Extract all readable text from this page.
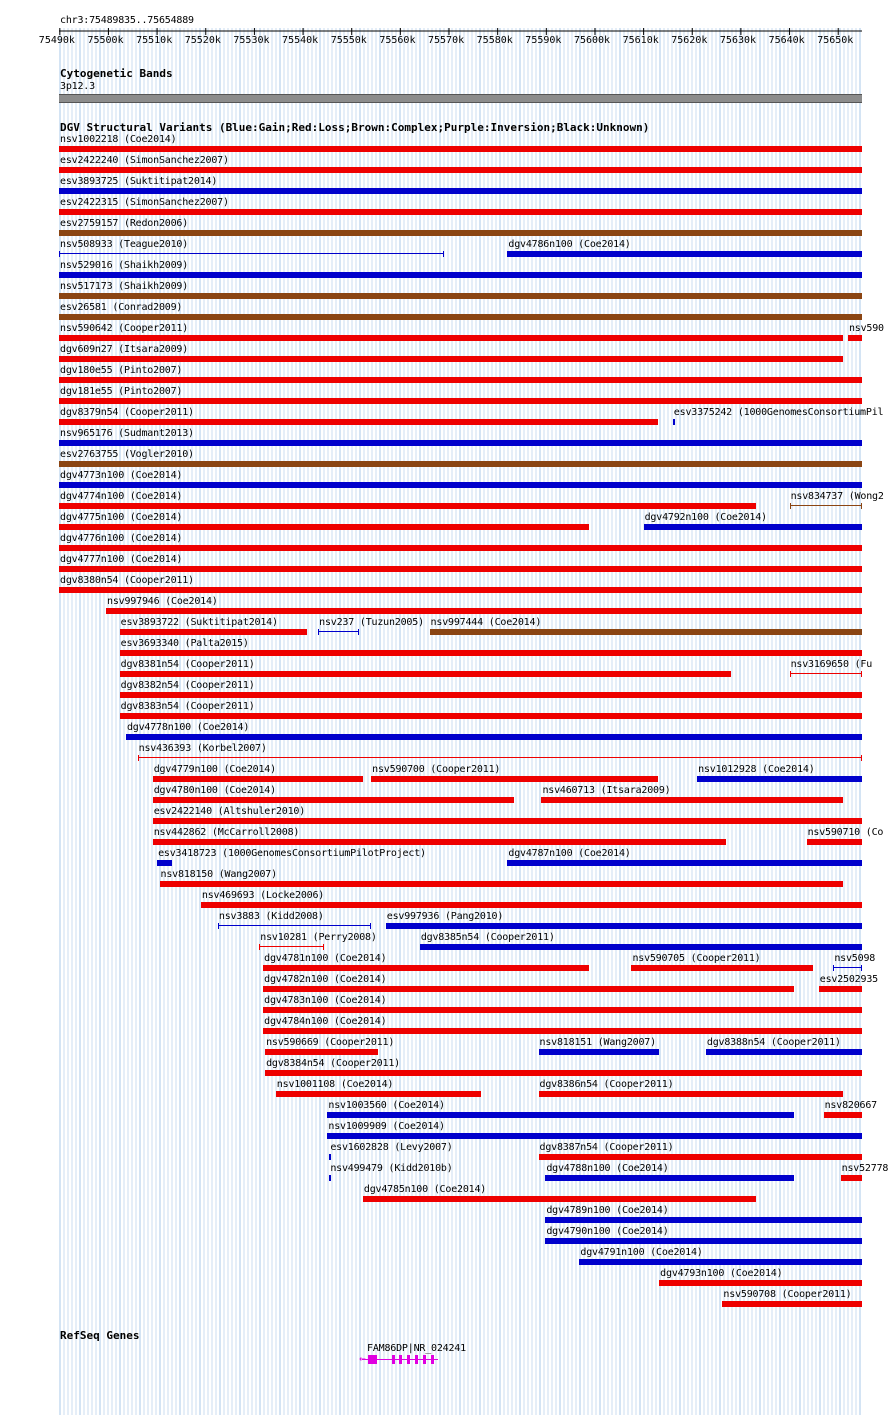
chr3:75489835..75654889
75490k 75500k 75510k 75520k 75530k 75540k 75550k 75560k 75570k 75580k 75590k 75600k 75610k 75620k 75630k 75640k 75650k
Cytogenetic Bands
3p12.3
DGV Structural Variants (Blue:Gain;Red:Loss;Brown:Complex;Purple:Inversion;Black:Unknown)
nsv1002218 (Coe2014)
esv2422240 (SimonSanchez2007)
esv3893725 (Suktitipat2014)
esv2422315 (SimonSanchez2007)
esv2759157 (Redon2006)
nsv508933 (Teague2010)	dgv4786n100 (Coe2014)
nsv529016 (Shaikh2009)
nsv517173 (Shaikh2009)
esv26581 (Conrad2009)
nsv590642 (Cooper2011)	nsv590
dgv609n27 (Itsara2009)
dgv180e55 (Pinto2007)
dgv181e55 (Pinto2007)
dgv8379n54 (Cooper2011)	esv3375242 (1000GenomesConsortiumPil
nsv965176 (Sudmant2013)
esv2763755 (Vogler2010)
dgv4773n100 (Coe2014)
dgv4774n100 (Coe2014)	nsv834737 (Wong2
dgv4775n100 (Coe2014)	dgv4792n100 (Coe2014)
dgv4776n100 (Coe2014)
dgv4777n100 (Coe2014)
dgv8380n54 (Cooper2011)
nsv997946 (Coe2014)
esv3893722 (Suktitipat2014)	nsv237 (Tuzun2005) nsv997444 (Coe2014)
esv3693340 (Palta2015)
dgv8381n54 (Cooper2011)	nsv3169650 (Fu
dgv8382n54 (Cooper2011)
dgv8383n54 (Cooper2011)
dgv4778n100 (Coe2014)
nsv436393 (Korbel2007)
dgv4779n100 (Coe2014)	nsv590700 (Cooper2011)	nsv1012928 (Coe2014)
dgv4780n100 (Coe2014)	nsv460713 (Itsara2009)
esv2422140 (Altshuler2010)
nsv442862 (McCarroll2008)	nsv590710 (Co
esv3418723 (1000GenomesConsortiumPilotProject)	dgv4787n100 (Coe2014)
nsv818150 (Wang2007)
nsv469693 (Locke2006)
nsv3883 (Kidd2008)	esv997936 (Pang2010)
nsv10281 (Perry2008)	dgv8385n54 (Cooper2011)
dgv4781n100 (Coe2014)	nsv590705 (Cooper2011)	nsv5098
dgv4782n100 (Coe2014)	esv2502935
dgv4783n100 (Coe2014)
dgv4784n100 (Coe2014)
nsv590669 (Cooper2011)	nsv818151 (Wang2007)	dgv8388n54 (Cooper2011)
dgv8384n54 (Cooper2011)
nsv1001108 (Coe2014)	dgv8386n54 (Cooper2011)
nsv1003560 (Coe2014)	nsv820667
nsv1009909 (Coe2014)
esv1602828 (Levy2007)	dgv8387n54 (Cooper2011)
nsv499479 (Kidd2010b)	dgv4788n100 (Coe2014)	nsv52778
dgv4785n100 (Coe2014)
dgv4789n100 (Coe2014)
dgv4790n100 (Coe2014)
dgv4791n100 (Coe2014)
dgv4793n100 (Coe2014)
nsv590708 (Cooper2011)
RefSeq Genes
FAM86DP|NR_024241
←
